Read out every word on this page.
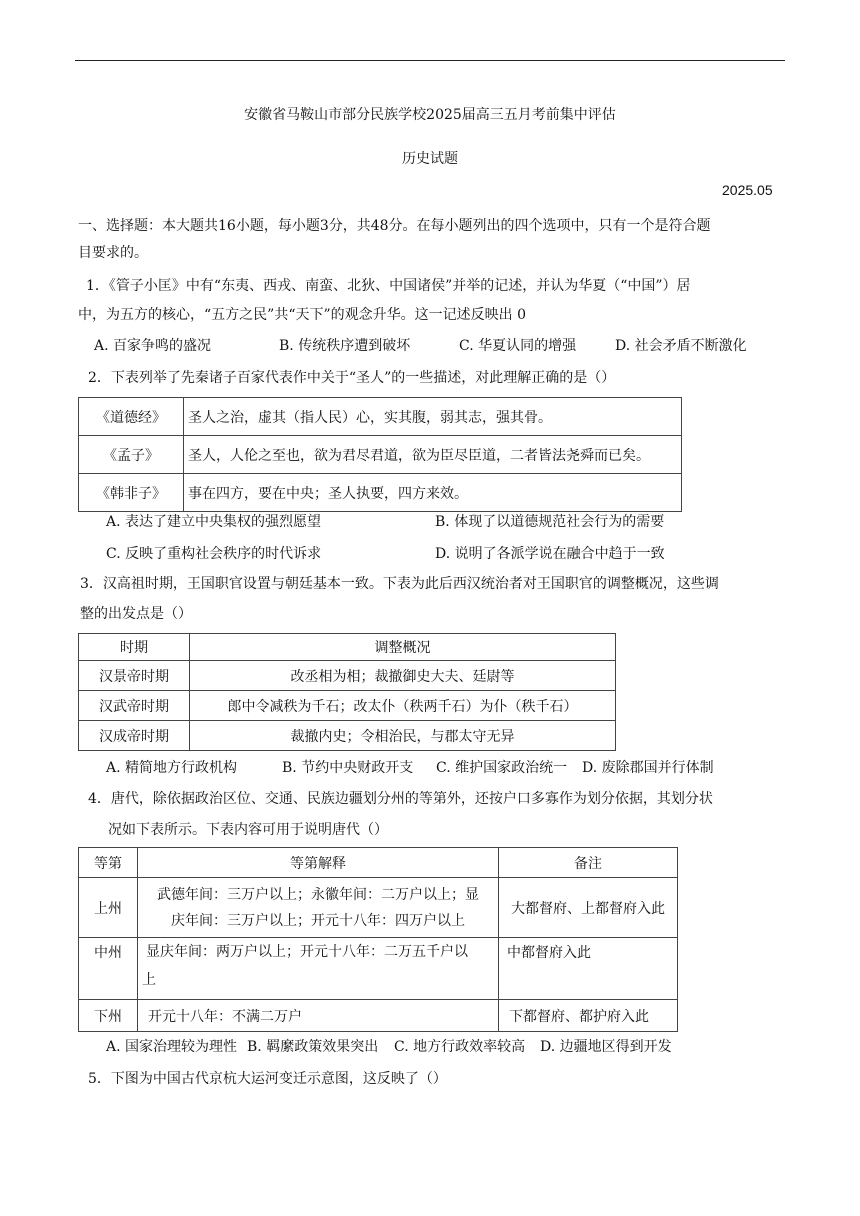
安徽省马鞍山市部分民族学校2025届高三五月考前集中评估
历史试题
2025.05
一、选择题：本大题共16小题，每小题3分，共48分。在每小题列出的四个选项中，只有一个是符合题
目要求的。
1．《管子小匡》中有“东夷、西戎、南蛮、北狄、中国诸侯”并举的记述，并认为华夏（“中国”）居
中，为五方的核心，“五方之民”共“天下”的观念升华。这一记述反映出 0
A. 百家争鸣的盛况	B. 传统秩序遭到破坏	C. 华夏认同的增强	D. 社会矛盾不断激化
2．下表列举了先秦诸子百家代表作中关于“圣人”的一些描述，对此理解正确的是（）
《道德经》	圣人之治，虚其（指人民）心，实其腹，弱其志，强其骨。
《孟子》	圣人，人伦之至也，欲为君尽君道，欲为臣尽臣道，二者皆法尧舜而已矣。
《韩非子》	事在四方，要在中央；圣人执要，四方来效。
A. 表达了建立中央集权的强烈愿望	B. 体现了以道德规范社会行为的需要
C. 反映了重构社会秩序的时代诉求	D. 说明了各派学说在融合中趋于一致
3．汉高祖时期，王国职官设置与朝廷基本一致。下表为此后西汉统治者对王国职官的调整概况，这些调
整的出发点是（）
时期	调整概况
汉景帝时期	改丞相为相；裁撤御史大夫、廷尉等
汉武帝时期	郎中令减秩为千石；改太仆（秩两千石）为仆（秩千石）
汉成帝时期	裁撤内史；令相治民，与郡太守无异
A. 精简地方行政机构	B. 节约中央财政开支 C. 维护国家政治统一 D. 废除郡国并行体制
4．唐代，除依据政治区位、交通、民族边疆划分州的等第外，还按户口多寡作为划分依据，其划分状
况如下表所示。下表内容可用于说明唐代（）
等第	等第解释	备注
上州	武德年间：三万户以上；永徽年间：二万户以上；显
庆年间：三万户以上；开元十八年：四万户以上	大都督府、上都督府入此
中州	显庆年间：两万户以上；开元十八年：二万五千户以
上	中都督府入此
下州	开元十八年：不满二万户	下都督府、都护府入此
A. 国家治理较为理性 B. 羁縻政策效果突出 C. 地方行政效率较高 D. 边疆地区得到开发
5．下图为中国古代京杭大运河变迁示意图，这反映了（）
